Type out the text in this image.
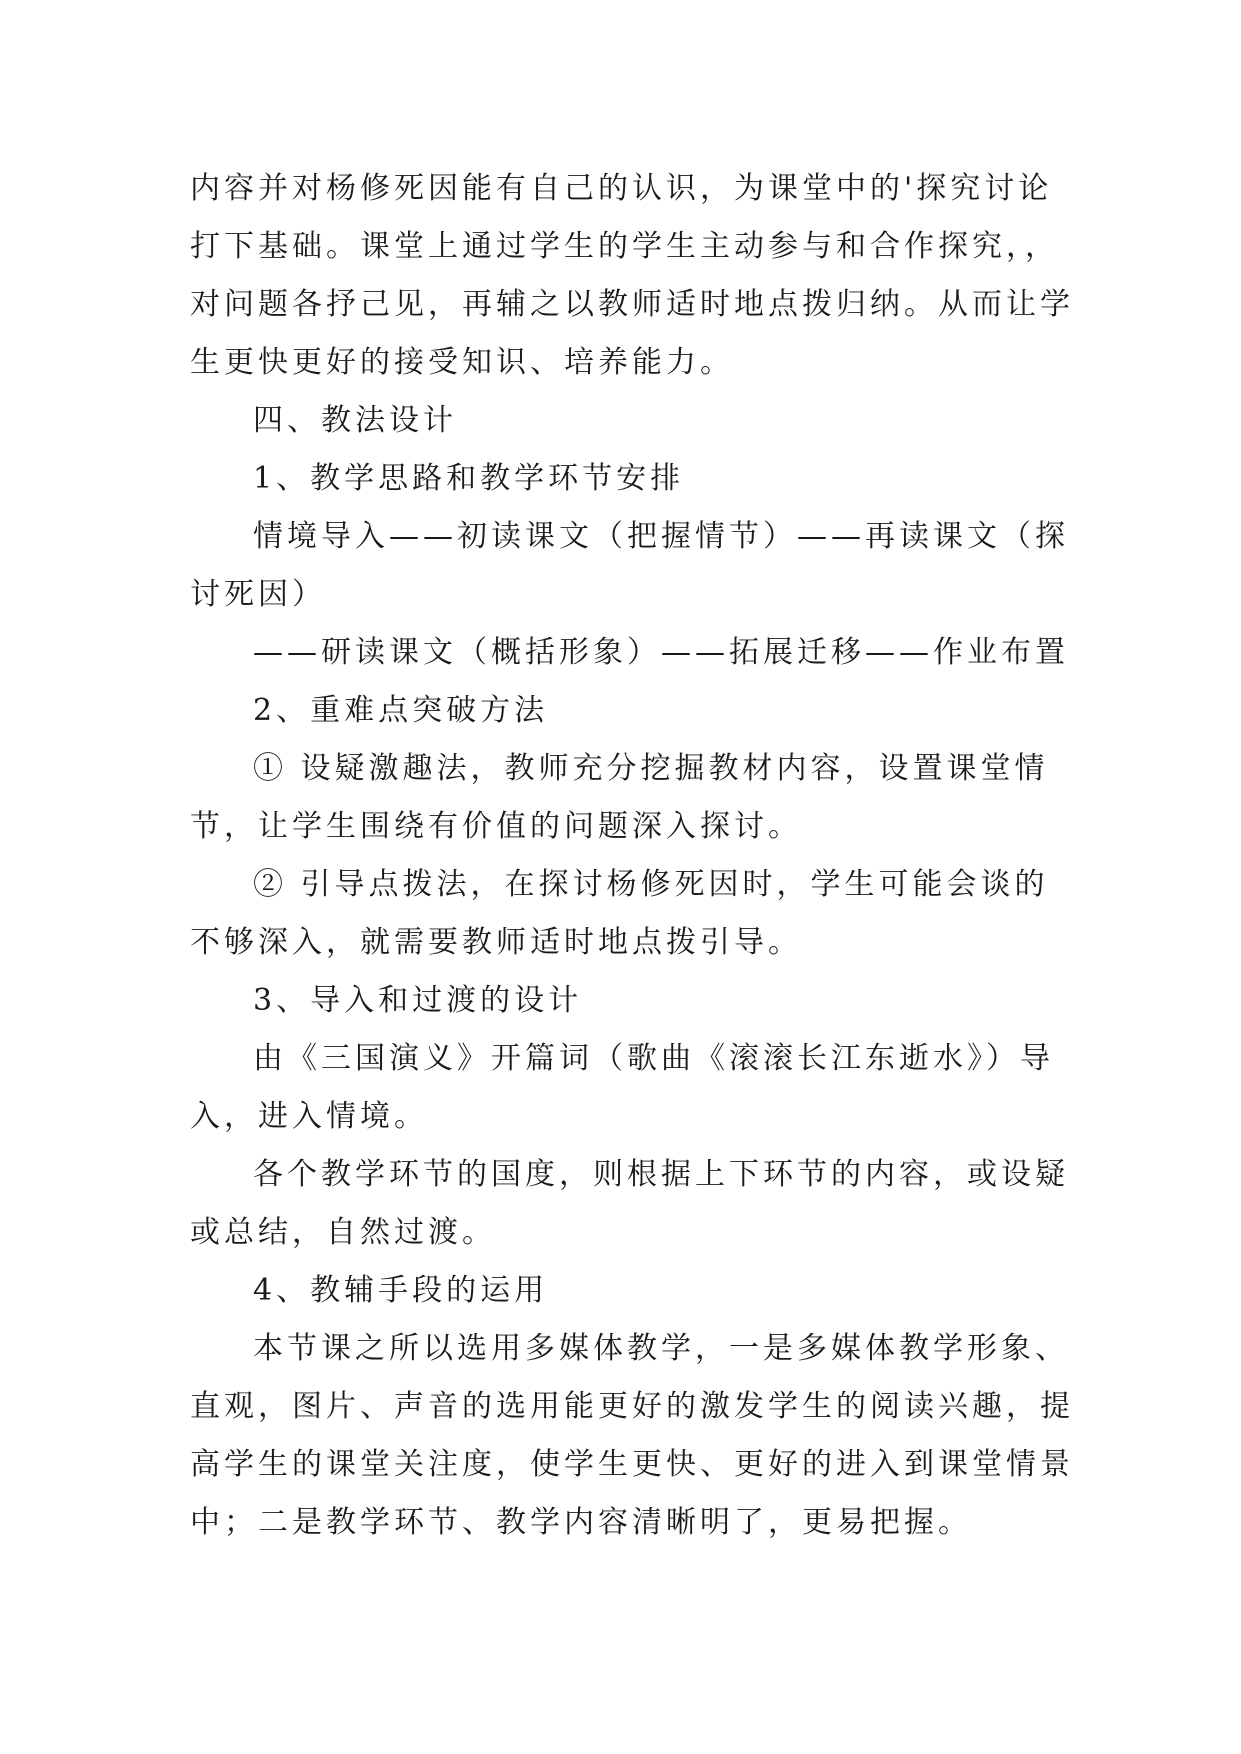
内容并对杨修死因能有自己的认识，为课堂中的'探究讨论
打下基础。课堂上通过学生的学生主动参与和合作探究，，
对问题各抒己见，再辅之以教师适时地点拨归纳。从而让学
生更快更好的接受知识、培养能力。
四、教法设计
1、教学思路和教学环节安排
情境导入——初读课文（把握情节）——再读课文（探
讨死因）
——研读课文（概括形象）——拓展迁移——作业布置
2、重难点突破方法
① 设疑激趣法，教师充分挖掘教材内容，设置课堂情
节，让学生围绕有价值的问题深入探讨。
② 引导点拨法，在探讨杨修死因时，学生可能会谈的
不够深入，就需要教师适时地点拨引导。
3、导入和过渡的设计
由《三国演义》开篇词（歌曲《滚滚长江东逝水》）导
入，进入情境。
各个教学环节的国度，则根据上下环节的内容，或设疑
或总结，自然过渡。
4、教辅手段的运用
本节课之所以选用多媒体教学，一是多媒体教学形象、
直观，图片、声音的选用能更好的激发学生的阅读兴趣，提
高学生的课堂关注度，使学生更快、更好的进入到课堂情景
中；二是教学环节、教学内容清晰明了，更易把握。
